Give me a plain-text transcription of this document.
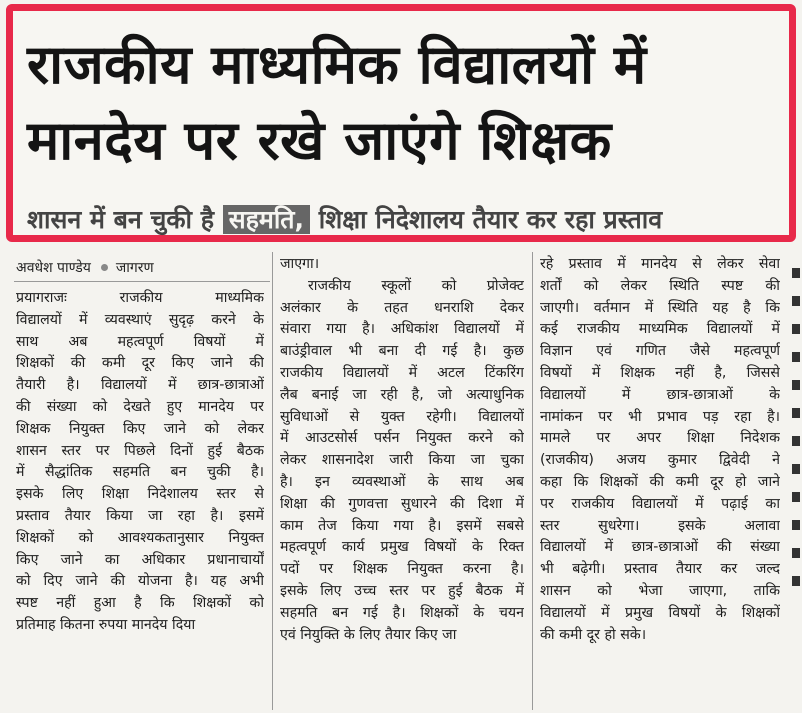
राजकीय माध्यमिक विद्यालयों में
मानदेय पर रखे जाएंगे शिक्षक
शासन में बन चुकी है सहमति, शिक्षा निदेशालय तैयार कर रहा प्रस्ताव
अवधेश पाण्डेय जागरण

प्रयागराजः राजकीय माध्यमिक

विद्यालयों में व्यवस्थाएं सुदृढ़ करने के

साथ अब महत्वपूर्ण विषयों में

शिक्षकों की कमी दूर किए जाने की

तैयारी है। विद्यालयों में छात्र-छात्राओं

की संख्या को देखते हुए मानदेय पर

शिक्षक नियुक्त किए जाने को लेकर

शासन स्तर पर पिछले दिनों हुई बैठक

में सैद्धांतिक सहमति बन चुकी है।

इसके लिए शिक्षा निदेशालय स्तर से

प्रस्ताव तैयार किया जा रहा है। इसमें

शिक्षकों को आवश्यकतानुसार नियुक्त

किए जाने का अधिकार प्रधानाचार्यों

को दिए जाने की योजना है। यह अभी

स्पष्ट नहीं हुआ है कि शिक्षकों को

प्रतिमाह कितना रुपया मानदेय दिया

जाएगा।

राजकीय स्कूलों को प्रोजेक्ट

अलंकार के तहत धनराशि देकर

संवारा गया है। अधिकांश विद्यालयों में

बाउंड्रीवाल भी बना दी गई है। कुछ

राजकीय विद्यालयों में अटल टिंकरिंग

लैब बनाई जा रही है, जो अत्याधुनिक

सुविधाओं से युक्त रहेगी। विद्यालयों

में आउटसोर्स पर्सन नियुक्त करने को

लेकर शासनादेश जारी किया जा चुका

है। इन व्यवस्थाओं के साथ अब

शिक्षा की गुणवत्ता सुधारने की दिशा में

काम तेज किया गया है। इसमें सबसे

महत्वपूर्ण कार्य प्रमुख विषयों के रिक्त

पदों पर शिक्षक नियुक्त करना है।

इसके लिए उच्च स्तर पर हुई बैठक में

सहमति बन गई है। शिक्षकों के चयन

एवं नियुक्ति के लिए तैयार किए जा

रहे प्रस्ताव में मानदेय से लेकर सेवा

शर्तों को लेकर स्थिति स्पष्ट की

जाएगी। वर्तमान में स्थिति यह है कि

कई राजकीय माध्यमिक विद्यालयों में

विज्ञान एवं गणित जैसे महत्वपूर्ण

विषयों में शिक्षक नहीं है, जिससे

विद्यालयों में छात्र-छात्राओं के

नामांकन पर भी प्रभाव पड़ रहा है।

मामले पर अपर शिक्षा निदेशक

(राजकीय) अजय कुमार द्विवेदी ने

कहा कि शिक्षकों की कमी दूर हो जाने

पर राजकीय विद्यालयों में पढ़ाई का

स्तर सुधरेगा। इसके अलावा

विद्यालयों में छात्र-छात्राओं की संख्या

भी बढ़ेगी। प्रस्ताव तैयार कर जल्द

शासन को भेजा जाएगा, ताकि

विद्यालयों में प्रमुख विषयों के शिक्षकों

की कमी दूर हो सके।
